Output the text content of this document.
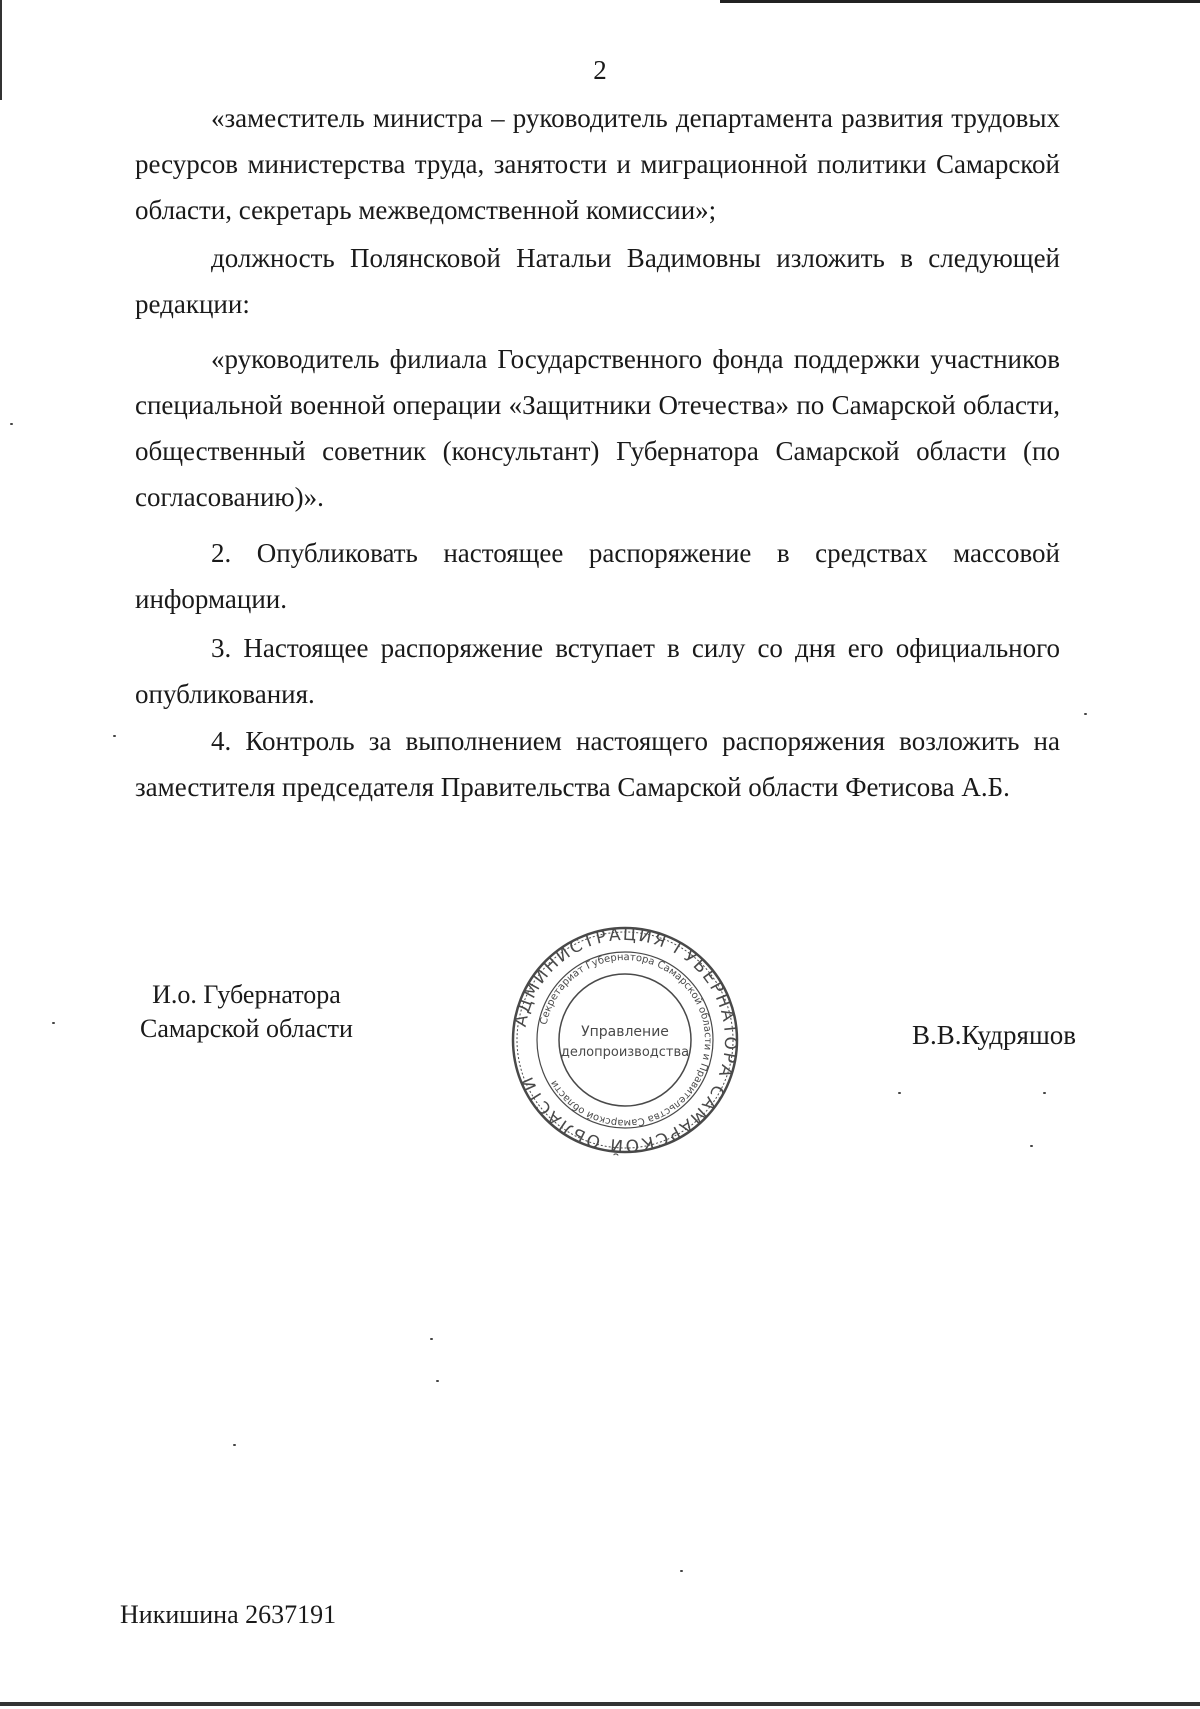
2

«заместитель министра – руководитель департамента развития трудовых ресурсов министерства труда, занятости и миграционной политики Самарской области, секретарь межведомственной комиссии»;

должность Полянсковой Натальи Вадимовны изложить в следующей редакции:

«руководитель филиала Государственного фонда поддержки участников специальной военной операции «Защитники Отечества» по Самарской области, общественный советник (консультант) Губернатора Самарской области (по согласованию)».

2. Опубликовать настоящее распоряжение в средствах массовой информации.

3. Настоящее распоряжение вступает в силу со дня его официального опубликования.

4. Контроль за выполнением настоящего распоряжения возложить на заместителя председателя Правительства Самарской области Фетисова А.Б.

И.о. Губернатора
Самарской области	АДМИНИСТРАЦИЯ ГУБЕРНАТОРА САМАРСКОЙ ОБЛАСТИ
Секретариат Губернатора Самарской области и Правительства Самарской области
Управление
делопроизводства
В.В.Кудряшов
Никишина 2637191
